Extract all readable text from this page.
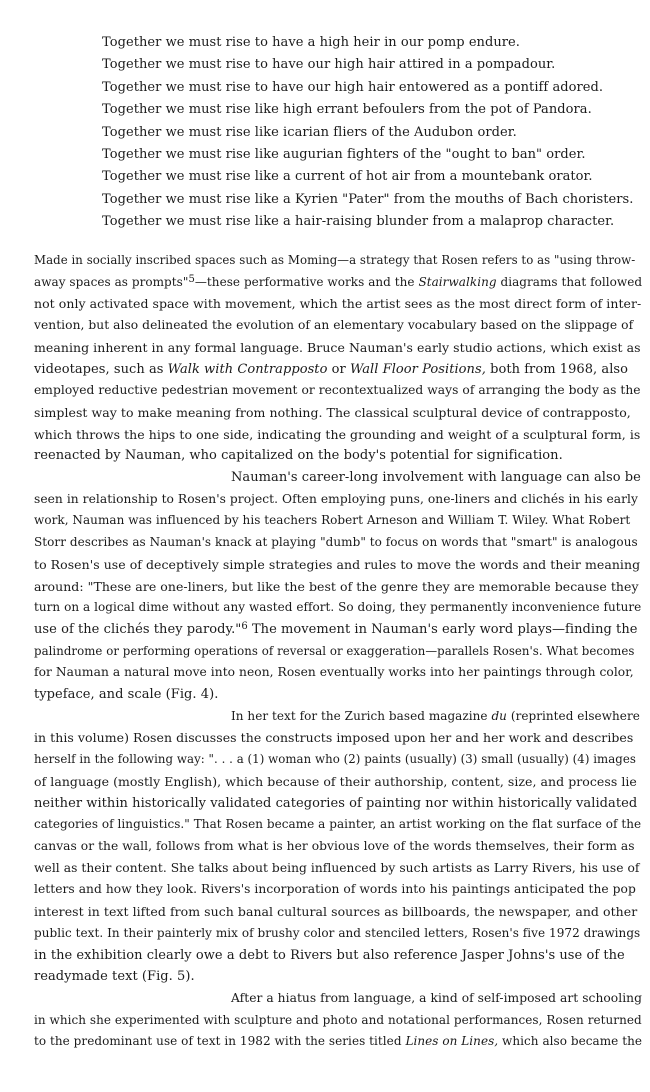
Together we must rise to have a high heir in our pomp endure.
Together we must rise to have our high hair attired in a pompadour.
Together we must rise to have our high hair entowered as a pontiff adored.
Together we must rise like high errant befoulers from the pot of Pandora.
Together we must rise like icarian fliers of the Audubon order.
Together we must rise like augurian fighters of the "ought to ban" order.
Together we must rise like a current of hot air from a mountebank orator.
Together we must rise like a Kyrien "Pater" from the mouths of Bach choristers.
Together we must rise like a hair-raising blunder from a malaprop character.
Made in socially inscribed spaces such as Moming—a strategy that Rosen refers to as "using throw-
away spaces as prompts"$^5$—these performative works and the Stairwalking diagrams that followed
not only activated space with movement, which the artist sees as the most direct form of inter-
vention, but also delineated the evolution of an elementary vocabulary based on the slippage of
meaning inherent in any formal language. Bruce Nauman's early studio actions, which exist as
videotapes, such as Walk with Contrapposto or Wall Floor Positions, both from 1968, also
employed reductive pedestrian movement or recontextualized ways of arranging the body as the
simplest way to make meaning from nothing. The classical sculptural device of contrapposto,
which throws the hips to one side, indicating the grounding and weight of a sculptural form, is
reenacted by Nauman, who capitalized on the body's potential for signification.
Nauman's career-long involvement with language can also be
seen in relationship to Rosen's project. Often employing puns, one-liners and clichés in his early
work, Nauman was influenced by his teachers Robert Arneson and William T. Wiley. What Robert
Storr describes as Nauman's knack at playing "dumb" to focus on words that "smart" is analogous
to Rosen's use of deceptively simple strategies and rules to move the words and their meaning
around: "These are one-liners, but like the best of the genre they are memorable because they
turn on a logical dime without any wasted effort. So doing, they permanently inconvenience future
use of the clichés they parody."$^6$ The movement in Nauman's early word plays—finding the
palindrome or performing operations of reversal or exaggeration—parallels Rosen's. What becomes
for Nauman a natural move into neon, Rosen eventually works into her paintings through color,
typeface, and scale (Fig. 4).
In her text for the Zurich based magazine du (reprinted elsewhere
in this volume) Rosen discusses the constructs imposed upon her and her work and describes
herself in the following way: ". . . a (1) woman who (2) paints (usually) (3) small (usually) (4) images
of language (mostly English), which because of their authorship, content, size, and process lie
neither within historically validated categories of painting nor within historically validated
categories of linguistics." That Rosen became a painter, an artist working on the flat surface of the
canvas or the wall, follows from what is her obvious love of the words themselves, their form as
well as their content. She talks about being influenced by such artists as Larry Rivers, his use of
letters and how they look. Rivers's incorporation of words into his paintings anticipated the pop
interest in text lifted from such banal cultural sources as billboards, the newspaper, and other
public text. In their painterly mix of brushy color and stenciled letters, Rosen's five 1972 drawings
in the exhibition clearly owe a debt to Rivers but also reference Jasper Johns's use of the
readymade text (Fig. 5).
After a hiatus from language, a kind of self-imposed art schooling
in which she experimented with sculpture and photo and notational performances, Rosen returned
to the predominant use of text in 1982 with the series titled Lines on Lines, which also became the
